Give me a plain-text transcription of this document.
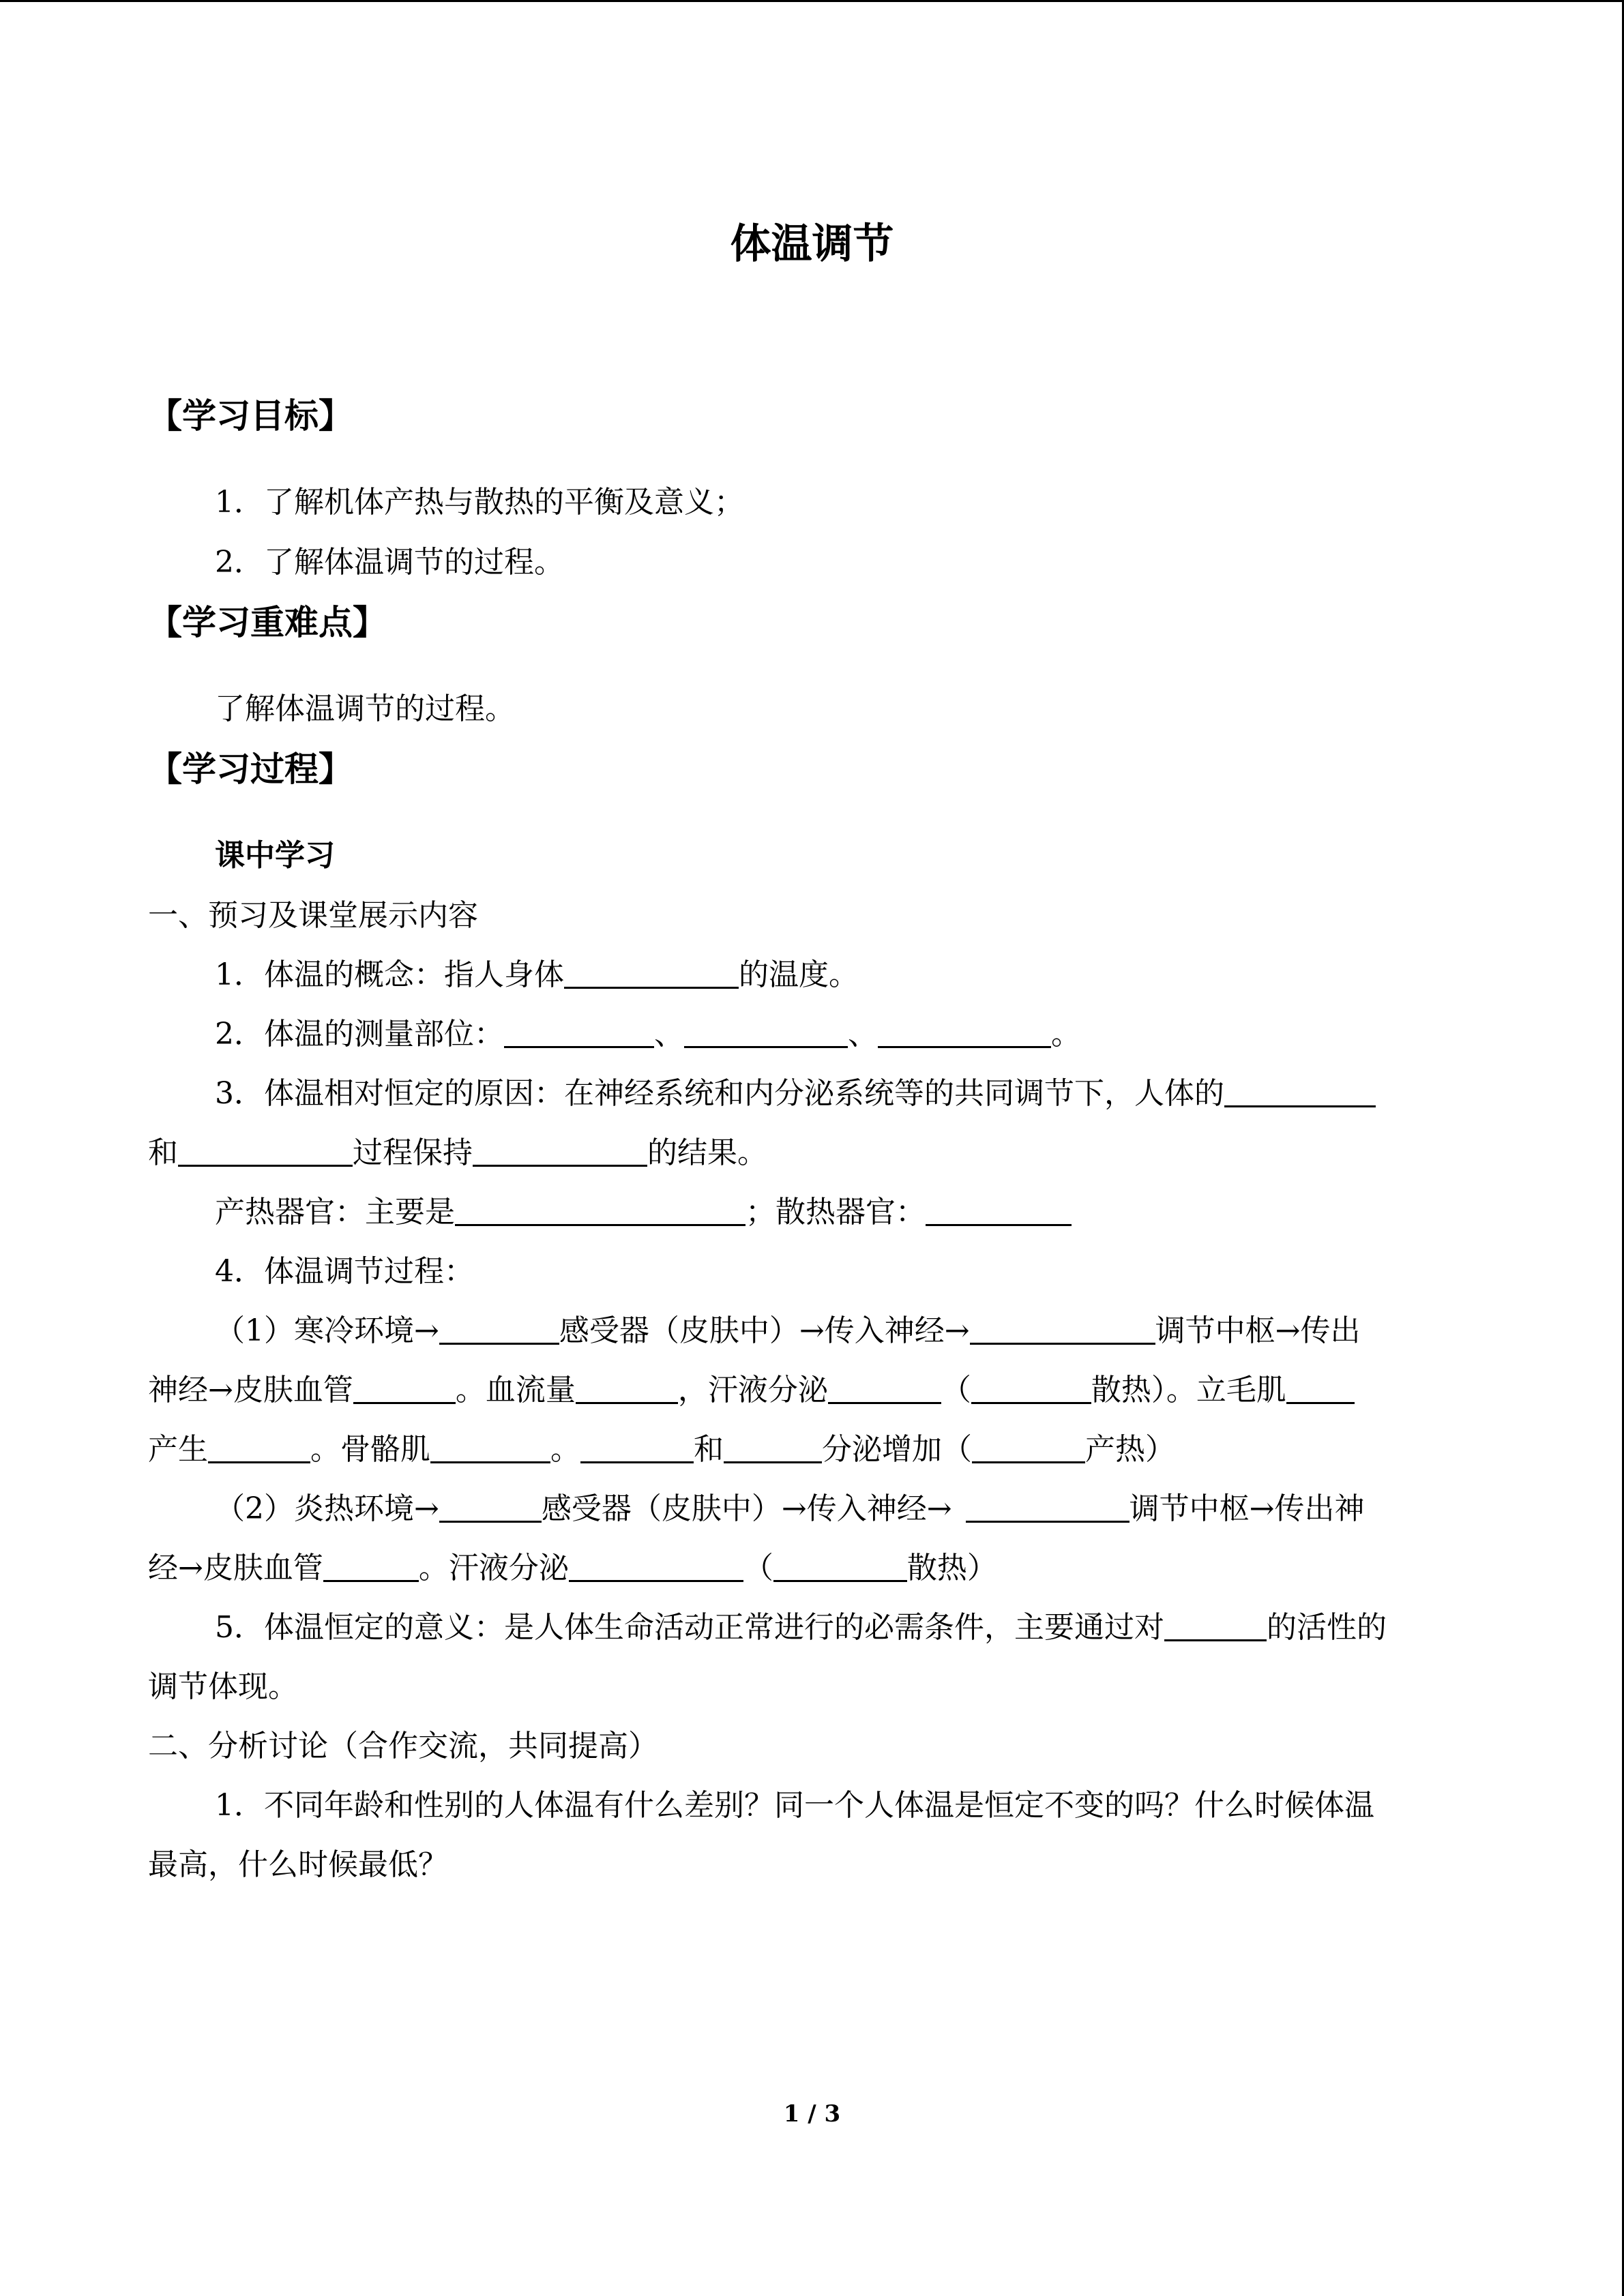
体温调节
【学习目标】
1．了解机体产热与散热的平衡及意义；
2．了解体温调节的过程。
【学习重难点】
了解体温调节的过程。
【学习过程】
课中学习
一、预习及课堂展示内容
1．体温的概念：指人身体	的温度。
2．体温的测量部位：	、	、	。
3．体温相对恒定的原因：在神经系统和内分泌系统等的共同调节下，人体的
和	过程保持	的结果。
产热器官：主要是	；散热器官：
4．体温调节过程：
（1）寒冷环境→	感受器（皮肤中）→传入神经→	调节中枢→传出
神经→皮肤血管	。血流量	，汗液分泌	（	散热）。立毛肌
产生	。骨骼肌	。	和	分泌增加（	产热）
（2）炎热环境→	感受器（皮肤中）→传入神经→	调节中枢→传出神
经→皮肤血管	。汗液分泌	（	散热）
5．体温恒定的意义：是人体生命活动正常进行的必需条件，主要通过对	的活性的
调节体现。
二、分析讨论（合作交流，共同提高）
1．不同年龄和性别的人体温有什么差别？同一个人体温是恒定不变的吗？什么时候体温
最高，什么时候最低？
1 / 3
